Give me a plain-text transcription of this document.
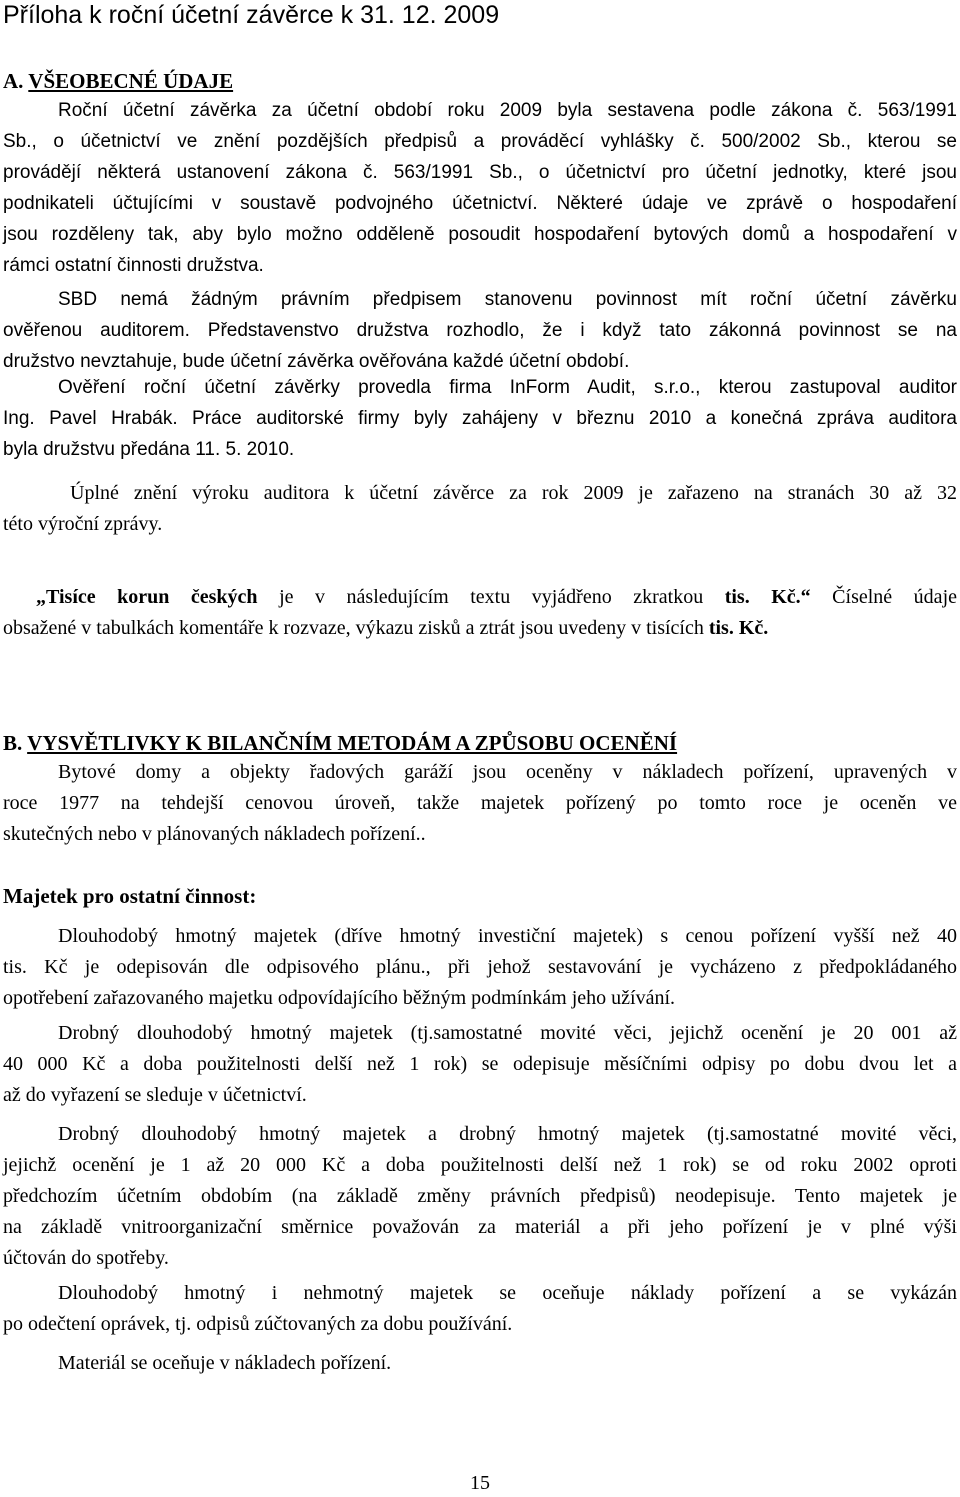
Příloha k roční účetní závěrce k 31. 12. 2009
A. VŠEOBECNÉ ÚDAJE
Roční účetní závěrka za účetní období roku 2009 byla sestavena podle zákona č. 563/1991
Sb., o účetnictví ve znění pozdějších předpisů a prováděcí vyhlášky č. 500/2002 Sb., kterou se
provádějí některá ustanovení zákona č. 563/1991 Sb., o účetnictví pro účetní jednotky, které jsou
podnikateli účtujícími v soustavě podvojného účetnictví. Některé údaje ve zprávě o hospodaření
jsou rozděleny tak, aby bylo možno odděleně posoudit hospodaření bytových domů a hospodaření v
rámci ostatní činnosti družstva.
SBD nemá žádným právním předpisem stanovenu povinnost mít roční účetní závěrku
ověřenou auditorem. Představenstvo družstva rozhodlo, že i když tato zákonná povinnost se na
družstvo nevztahuje, bude účetní závěrka ověřována každé účetní období.
Ověření roční účetní závěrky provedla firma InForm Audit, s.r.o., kterou zastupoval auditor
Ing. Pavel Hrabák. Práce auditorské firmy byly zahájeny v březnu 2010 a konečná zpráva auditora
byla družstvu předána 11. 5. 2010.
Úplné znění výroku auditora k účetní závěrce za rok 2009 je zařazeno na stranách 30 až 32
této výroční zprávy.
„Tisíce korun českých je v následujícím textu vyjádřeno zkratkou tis. Kč.“ Číselné údaje
obsažené v tabulkách komentáře k rozvaze, výkazu zisků a ztrát jsou uvedeny v tisících tis. Kč.
B. VYSVĚTLIVKY K BILANČNÍM METODÁM A ZPŮSOBU OCENĚNÍ
Bytové domy a objekty řadových garáží jsou oceněny v nákladech pořízení, upravených v
roce 1977 na tehdejší cenovou úroveň, takže majetek pořízený po tomto roce je oceněn ve
skutečných nebo v plánovaných nákladech pořízení..
Majetek pro ostatní činnost:
Dlouhodobý hmotný majetek (dříve hmotný investiční majetek) s cenou pořízení vyšší než 40
tis. Kč je odepisován dle odpisového plánu., při jehož sestavování je vycházeno z předpokládaného
opotřebení zařazovaného majetku odpovídajícího běžným podmínkám jeho užívání.
Drobný dlouhodobý hmotný majetek (tj.samostatné movité věci, jejichž ocenění je 20 001 až
40 000 Kč a doba použitelnosti delší než 1 rok) se odepisuje měsíčními odpisy po dobu dvou let a
až do vyřazení se sleduje v účetnictví.
Drobný dlouhodobý hmotný majetek a drobný hmotný majetek (tj.samostatné movité věci,
jejichž ocenění je 1 až 20 000 Kč a doba použitelnosti delší než 1 rok) se od roku 2002 oproti
předchozím účetním obdobím (na základě změny právních předpisů) neodepisuje. Tento majetek je
na základě vnitroorganizační směrnice považován za materiál a při jeho pořízení je v plné výši
účtován do spotřeby.
Dlouhodobý hmotný i nehmotný majetek se oceňuje náklady pořízení a se vykázán
po odečtení oprávek, tj. odpisů zúčtovaných za dobu používání.
Materiál se oceňuje v nákladech pořízení.
15
